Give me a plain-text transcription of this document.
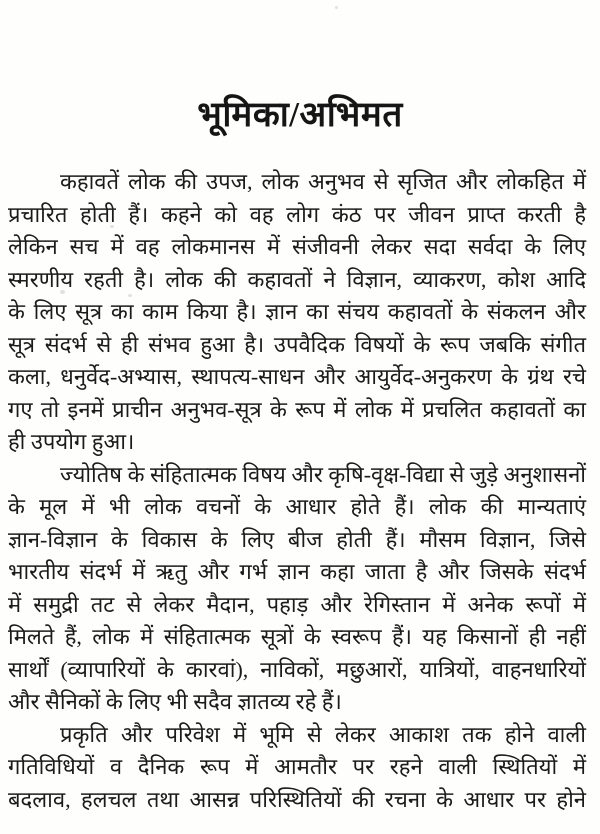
भूमिका/अभिमत
कहावतें लोक की उपज, लोक अनुभव से सृजित और लोकहित में
प्रचारित होती हैं। कहने को वह लोग कंठ पर जीवन प्राप्त करती है
लेकिन सच में वह लोकमानस में संजीवनी लेकर सदा सर्वदा के लिए
स्मरणीय रहती है। लोक की कहावतों ने विज्ञान, व्याकरण, कोश आदि
के लिए सूत्र का काम किया है। ज्ञान का संचय कहावतों के संकलन और
सूत्र संदर्भ से ही संभव हुआ है। उपवैदिक विषयों के रूप जबकि संगीत
कला, धनुर्वेद-अभ्यास, स्थापत्य-साधन और आयुर्वेद-अनुकरण के ग्रंथ रचे
गए तो इनमें प्राचीन अनुभव-सूत्र के रूप में लोक में प्रचलित कहावतों का
ही उपयोग हुआ।
ज्योतिष के संहितात्मक विषय और कृषि-वृक्ष-विद्या से जुड़े अनुशासनों
के मूल में भी लोक वचनों के आधार होते हैं। लोक की मान्यताएं
ज्ञान-विज्ञान के विकास के लिए बीज होती हैं। मौसम विज्ञान, जिसे
भारतीय संदर्भ में ऋतु और गर्भ ज्ञान कहा जाता है और जिसके संदर्भ
में समुद्री तट से लेकर मैदान, पहाड़ और रेगिस्तान में अनेक रूपों में
मिलते हैं, लोक में संहितात्मक सूत्रों के स्वरूप हैं। यह किसानों ही नहीं
सार्थों (व्यापारियों के कारवां), नाविकों, मछुआरों, यात्रियों, वाहनधारियों
और सैनिकों के लिए भी सदैव ज्ञातव्य रहे हैं।
प्रकृति और परिवेश में भूमि से लेकर आकाश तक होने वाली
गतिविधियों व दैनिक रूप में आमतौर पर रहने वाली स्थितियों में
बदलाव, हलचल तथा आसन्न परिस्थितियों की रचना के आधार पर होने
